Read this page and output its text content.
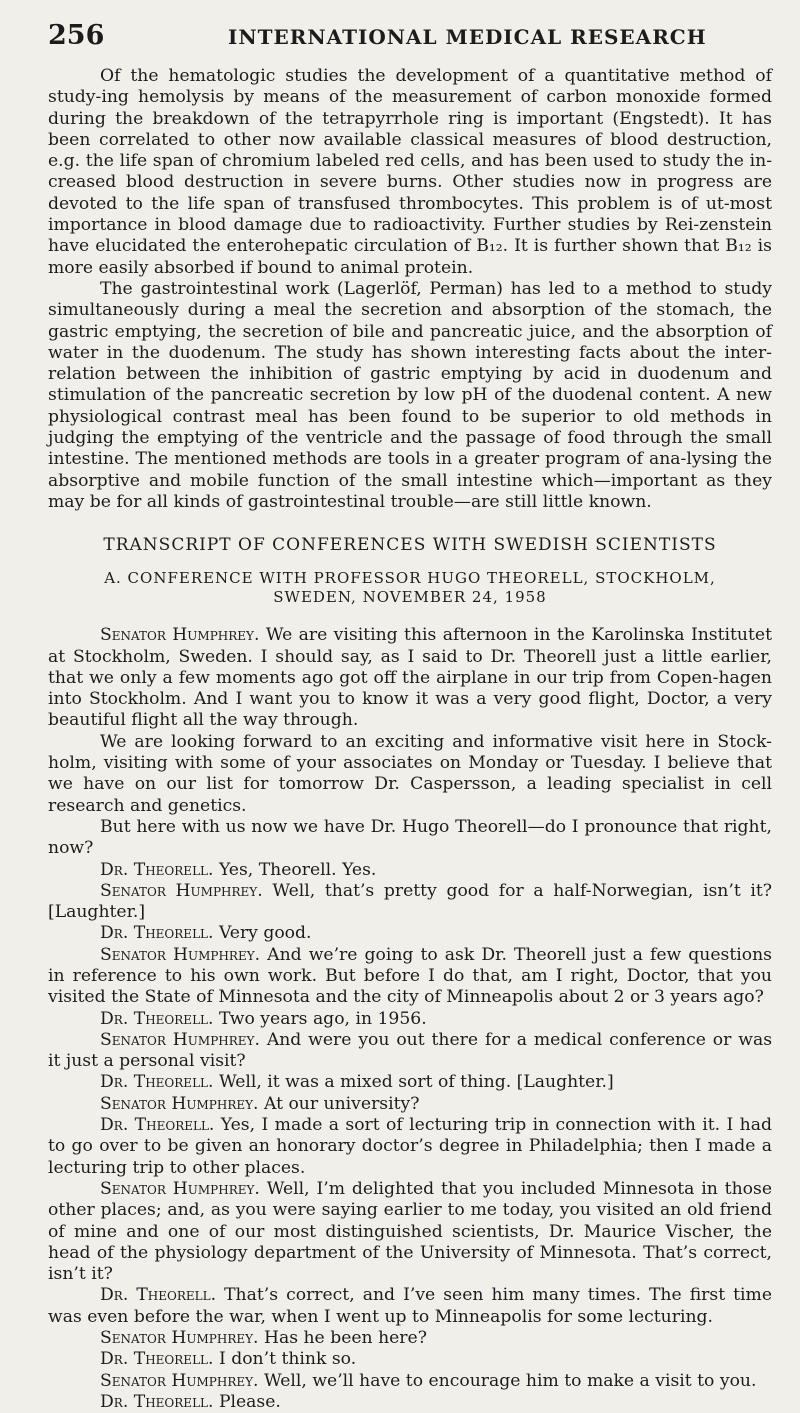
256	INTERNATIONAL MEDICAL RESEARCH

Of the hematologic studies the development of a quantitative method of study-ing hemolysis by means of the measurement of carbon monoxide formed during the breakdown of the tetrapyrrhole ring is important (Engstedt). It has been correlated to other now available classical measures of blood destruction, e.g. the life span of chromium labeled red cells, and has been used to study the in-creased blood destruction in severe burns. Other studies now in progress are devoted to the life span of transfused thrombocytes. This problem is of ut-most importance in blood damage due to radioactivity. Further studies by Rei-zenstein have elucidated the enterohepatic circulation of B₁₂. It is further shown that B₁₂ is more easily absorbed if bound to animal protein.

The gastrointestinal work (Lagerlöf, Perman) has led to a method to study simultaneously during a meal the secretion and absorption of the stomach, the gastric emptying, the secretion of bile and pancreatic juice, and the absorption of water in the duodenum. The study has shown interesting facts about the inter-relation between the inhibition of gastric emptying by acid in duodenum and stimulation of the pancreatic secretion by low pH of the duodenal content. A new physiological contrast meal has been found to be superior to old methods in judging the emptying of the ventricle and the passage of food through the small intestine. The mentioned methods are tools in a greater program of ana-lysing the absorptive and mobile function of the small intestine which—important as they may be for all kinds of gastrointestinal trouble—are still little known.

TRANSCRIPT OF CONFERENCES WITH SWEDISH SCIENTISTS

A. CONFERENCE WITH PROFESSOR HUGO THEORELL, STOCKHOLM, SWEDEN, NOVEMBER 24, 1958

Senator Humphrey. We are visiting this afternoon in the Karolinska Institutet at Stockholm, Sweden. I should say, as I said to Dr. Theorell just a little earlier, that we only a few moments ago got off the airplane in our trip from Copen-hagen into Stockholm. And I want you to know it was a very good flight, Doctor, a very beautiful flight all the way through.

We are looking forward to an exciting and informative visit here in Stock-holm, visiting with some of your associates on Monday or Tuesday. I believe that we have on our list for tomorrow Dr. Caspersson, a leading specialist in cell research and genetics.

But here with us now we have Dr. Hugo Theorell—do I pronounce that right, now?

Dr. Theorell. Yes, Theorell. Yes.

Senator Humphrey. Well, that’s pretty good for a half-Norwegian, isn’t it? [Laughter.]

Dr. Theorell. Very good.

Senator Humphrey. And we’re going to ask Dr. Theorell just a few questions in reference to his own work. But before I do that, am I right, Doctor, that you visited the State of Minnesota and the city of Minneapolis about 2 or 3 years ago?

Dr. Theorell. Two years ago, in 1956.

Senator Humphrey. And were you out there for a medical conference or was it just a personal visit?

Dr. Theorell. Well, it was a mixed sort of thing. [Laughter.]

Senator Humphrey. At our university?

Dr. Theorell. Yes, I made a sort of lecturing trip in connection with it. I had to go over to be given an honorary doctor’s degree in Philadelphia; then I made a lecturing trip to other places.

Senator Humphrey. Well, I’m delighted that you included Minnesota in those other places; and, as you were saying earlier to me today, you visited an old friend of mine and one of our most distinguished scientists, Dr. Maurice Vischer, the head of the physiology department of the University of Minnesota. That’s correct, isn’t it?

Dr. Theorell. That’s correct, and I’ve seen him many times. The first time was even before the war, when I went up to Minneapolis for some lecturing.

Senator Humphrey. Has he been here?

Dr. Theorell. I don’t think so.

Senator Humphrey. Well, we’ll have to encourage him to make a visit to you.

Dr. Theorell. Please.
